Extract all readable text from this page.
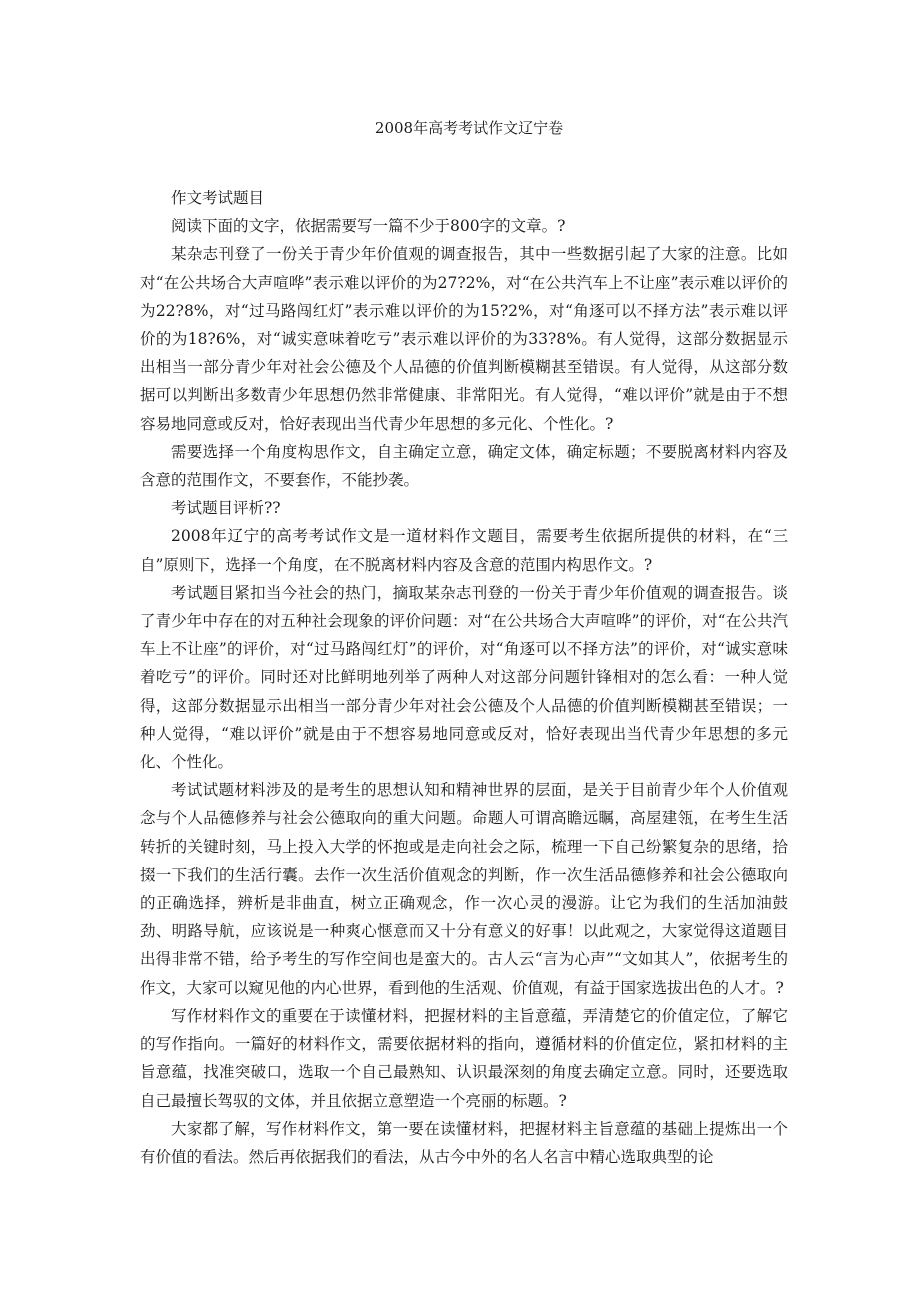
2008年高考考试作文辽宁卷

作文考试题目

阅读下面的文字，依据需要写一篇不少于800字的文章。?

某杂志刊登了一份关于青少年价值观的调查报告，其中一些数据引起了大家的注意。比如对“在公共场合大声喧哗”表示难以评价的为27?2%，对“在公共汽车上不让座”表示难以评价的为22?8%，对“过马路闯红灯”表示难以评价的为15?2%，对“角逐可以不择方法”表示难以评价的为18?6%，对“诚实意味着吃亏”表示难以评价的为33?8%。有人觉得，这部分数据显示出相当一部分青少年对社会公德及个人品德的价值判断模糊甚至错误。有人觉得，从这部分数据可以判断出多数青少年思想仍然非常健康、非常阳光。有人觉得，“难以评价”就是由于不想容易地同意或反对，恰好表现出当代青少年思想的多元化、个性化。?

需要选择一个角度构思作文，自主确定立意，确定文体，确定标题；不要脱离材料内容及含意的范围作文，不要套作，不能抄袭。

考试题目评析??

2008年辽宁的高考考试作文是一道材料作文题目，需要考生依据所提供的材料，在“三自”原则下，选择一个角度，在不脱离材料内容及含意的范围内构思作文。?

考试题目紧扣当今社会的热门，摘取某杂志刊登的一份关于青少年价值观的调查报告。谈了青少年中存在的对五种社会现象的评价问题：对“在公共场合大声喧哗”的评价，对“在公共汽车上不让座”的评价，对“过马路闯红灯”的评价，对“角逐可以不择方法”的评价，对“诚实意味着吃亏”的评价。同时还对比鲜明地列举了两种人对这部分问题针锋相对的怎么看：一种人觉得，这部分数据显示出相当一部分青少年对社会公德及个人品德的价值判断模糊甚至错误；一种人觉得，“难以评价”就是由于不想容易地同意或反对，恰好表现出当代青少年思想的多元化、个性化。

考试试题材料涉及的是考生的思想认知和精神世界的层面，是关于目前青少年个人价值观念与个人品德修养与社会公德取向的重大问题。命题人可谓高瞻远瞩，高屋建瓴，在考生生活转折的关键时刻，马上投入大学的怀抱或是走向社会之际，梳理一下自己纷繁复杂的思绪，拾掇一下我们的生活行囊。去作一次生活价值观念的判断，作一次生活品德修养和社会公德取向的正确选择，辨析是非曲直，树立正确观念，作一次心灵的漫游。让它为我们的生活加油鼓劲、明路导航，应该说是一种爽心惬意而又十分有意义的好事！以此观之，大家觉得这道题目出得非常不错，给予考生的写作空间也是蛮大的。古人云“言为心声”“文如其人”，依据考生的作文，大家可以窥见他的内心世界，看到他的生活观、价值观，有益于国家选拔出色的人才。?

写作材料作文的重要在于读懂材料，把握材料的主旨意蕴，弄清楚它的价值定位，了解它的写作指向。一篇好的材料作文，需要依据材料的指向，遵循材料的价值定位，紧扣材料的主旨意蕴，找准突破口，选取一个自己最熟知、认识最深刻的角度去确定立意。同时，还要选取自己最擅长驾驭的文体，并且依据立意塑造一个亮丽的标题。?

大家都了解，写作材料作文，第一要在读懂材料，把握材料主旨意蕴的基础上提炼出一个有价值的看法。然后再依据我们的看法，从古今中外的名人名言中精心选取典型的论
